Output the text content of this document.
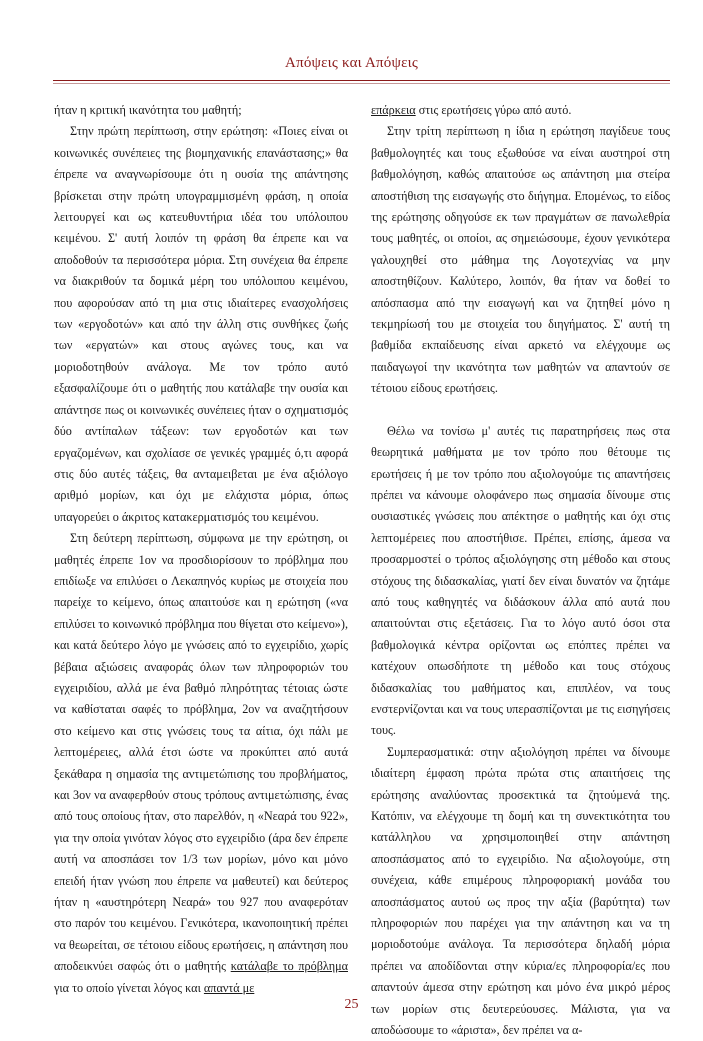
Απόψεις και Απόψεις

ήταν η κριτική ικανότητα του μαθητή;

Στην πρώτη περίπτωση, στην ερώτηση: «Ποιες είναι οι κοινωνικές συνέπειες της βιομηχανικής επανάστασης;» θα έπρεπε να αναγνωρίσουμε ότι η ουσία της απάντησης βρίσκεται στην πρώτη υπογραμμισμένη φράση, η οποία λειτουργεί και ως κατευθυντήρια ιδέα του υπόλοιπου κειμένου. Σ' αυτή λοιπόν τη φράση θα έπρεπε και να αποδοθούν τα περισσότερα μόρια. Στη συνέχεια θα έπρεπε να διακριθούν τα δομικά μέρη του υπόλοιπου κειμένου, που αφορούσαν από τη μια στις ιδιαίτερες ενασχολήσεις των «εργοδοτών» και από την άλλη στις συνθήκες ζωής των «εργατών» και στους αγώνες τους, και να μοριοδοτηθούν ανάλογα. Με τον τρόπο αυτό εξασφαλίζουμε ότι ο μαθητής που κατάλαβε την ουσία και απάντησε πως οι κοινωνικές συνέπειες ήταν ο σχηματισμός δύο αντίπαλων τάξεων: των εργοδοτών και των εργαζομένων, και σχολίασε σε γενικές γραμμές ό,τι αφορά στις δύο αυτές τάξεις, θα ανταμειβεται με ένα αξιόλογο αριθμό μορίων, και όχι με ελάχιστα μόρια, όπως υπαγορεύει ο άκριτος κατακερματισμός του κειμένου.

Στη δεύτερη περίπτωση, σύμφωνα με την ερώτηση, οι μαθητές έπρεπε 1ον να προσδιορίσουν το πρόβλημα που επιδίωξε να επιλύσει ο Λεκαπηνός κυρίως με στοιχεία που παρείχε το κείμενο, όπως απαιτούσε και η ερώτηση («να επιλύσει το κοινωνικό πρόβλημα που θίγεται στο κείμενο»), και κατά δεύτερο λόγο με γνώσεις από το εγχειρίδιο, χωρίς βέβαια αξιώσεις αναφοράς όλων των πληροφοριών του εγχειριδίου, αλλά με ένα βαθμό πληρότητας τέτοιας ώστε να καθίσταται σαφές το πρόβλημα, 2ον να αναζητήσουν στο κείμενο και στις γνώσεις τους τα αίτια, όχι πάλι με λεπτομέρειες, αλλά έτσι ώστε να προκύπτει από αυτά ξεκάθαρα η σημασία της αντιμετώπισης του προβλήματος, και 3ον να αναφερθούν στους τρόπους αντιμετώπισης, ένας από τους οποίους ήταν, στο παρελθόν, η «Νεαρά του 922», για την οποία γινόταν λόγος στο εγχειρίδιο (άρα δεν έπρεπε αυτή να αποσπάσει τον 1/3 των μορίων, μόνο και μόνο επειδή ήταν γνώση που έπρεπε να μαθευτεί) και δεύτερος ήταν η «αυστηρότερη Νεαρά» του 927 που αναφερόταν στο παρόν του κειμένου. Γενικότερα, ικανοποιητική πρέπει να θεωρείται, σε τέτοιου είδους ερωτήσεις, η απάντηση που αποδεικνύει σαφώς ότι ο μαθητής κατάλαβε το πρόβλημα για το οποίο γίνεται λόγος και απαντά με

επάρκεια στις ερωτήσεις γύρω από αυτό.

Στην τρίτη περίπτωση η ίδια η ερώτηση παγίδευε τους βαθμολογητές και τους εξωθούσε να είναι αυστηροί στη βαθμολόγηση, καθώς απαιτούσε ως απάντηση μια στείρα αποστήθιση της εισαγωγής στο διήγημα. Επομένως, το είδος της ερώτησης οδηγούσε εκ των πραγμάτων σε πανωλεθρία τους μαθητές, οι οποίοι, ας σημειώσουμε, έχουν γενικότερα γαλουχηθεί στο μάθημα της Λογοτεχνίας να μην αποστηθίζουν. Καλύτερο, λοιπόν, θα ήταν να δοθεί το απόσπασμα από την εισαγωγή και να ζητηθεί μόνο η τεκμηρίωσή του με στοιχεία του διηγήματος. Σ' αυτή τη βαθμίδα εκπαίδευσης είναι αρκετό να ελέγχουμε ως παιδαγωγοί την ικανότητα των μαθητών να απαντούν σε τέτοιου είδους ερωτήσεις.

Θέλω να τονίσω μ' αυτές τις παρατηρήσεις πως στα θεωρητικά μαθήματα με τον τρόπο που θέτουμε τις ερωτήσεις ή με τον τρόπο που αξιολογούμε τις απαντήσεις πρέπει να κάνουμε ολοφάνερο πως σημασία δίνουμε στις ουσιαστικές γνώσεις που απέκτησε ο μαθητής και όχι στις λεπτομέρειες που αποστήθισε. Πρέπει, επίσης, άμεσα να προσαρμοστεί ο τρόπος αξιολόγησης στη μέθοδο και στους στόχους της διδασκαλίας, γιατί δεν είναι δυνατόν να ζητάμε από τους καθηγητές να διδάσκουν άλλα από αυτά που απαιτούνται στις εξετάσεις. Για το λόγο αυτό όσοι στα βαθμολογικά κέντρα ορίζονται ως επόπτες πρέπει να κατέχουν οπωσδήποτε τη μέθοδο και τους στόχους διδασκαλίας του μαθήματος και, επιπλέον, να τους ενστερνίζονται και να τους υπερασπίζονται με τις εισηγήσεις τους.

Συμπερασματικά: στην αξιολόγηση πρέπει να δίνουμε ιδιαίτερη έμφαση πρώτα πρώτα στις απαιτήσεις της ερώτησης αναλύοντας προσεκτικά τα ζητούμενά της. Κατόπιν, να ελέγχουμε τη δομή και τη συνεκτικότητα του κατάλληλου να χρησιμοποιηθεί στην απάντηση αποσπάσματος από το εγχειρίδιο. Να αξιολογούμε, στη συνέχεια, κάθε επιμέρους πληροφοριακή μονάδα του αποσπάσματος αυτού ως προς την αξία (βαρύτητα) των πληροφοριών που παρέχει για την απάντηση και να τη μοριοδοτούμε ανάλογα. Τα περισσότερα δηλαδή μόρια πρέπει να αποδίδονται στην κύρια/ες πληροφορία/ες που απαντούν άμεσα στην ερώτηση και μόνο ένα μικρό μέρος των μορίων στις δευτερεύουσες. Μάλιστα, για να αποδώσουμε το «άριστα», δεν πρέπει να α-

25
